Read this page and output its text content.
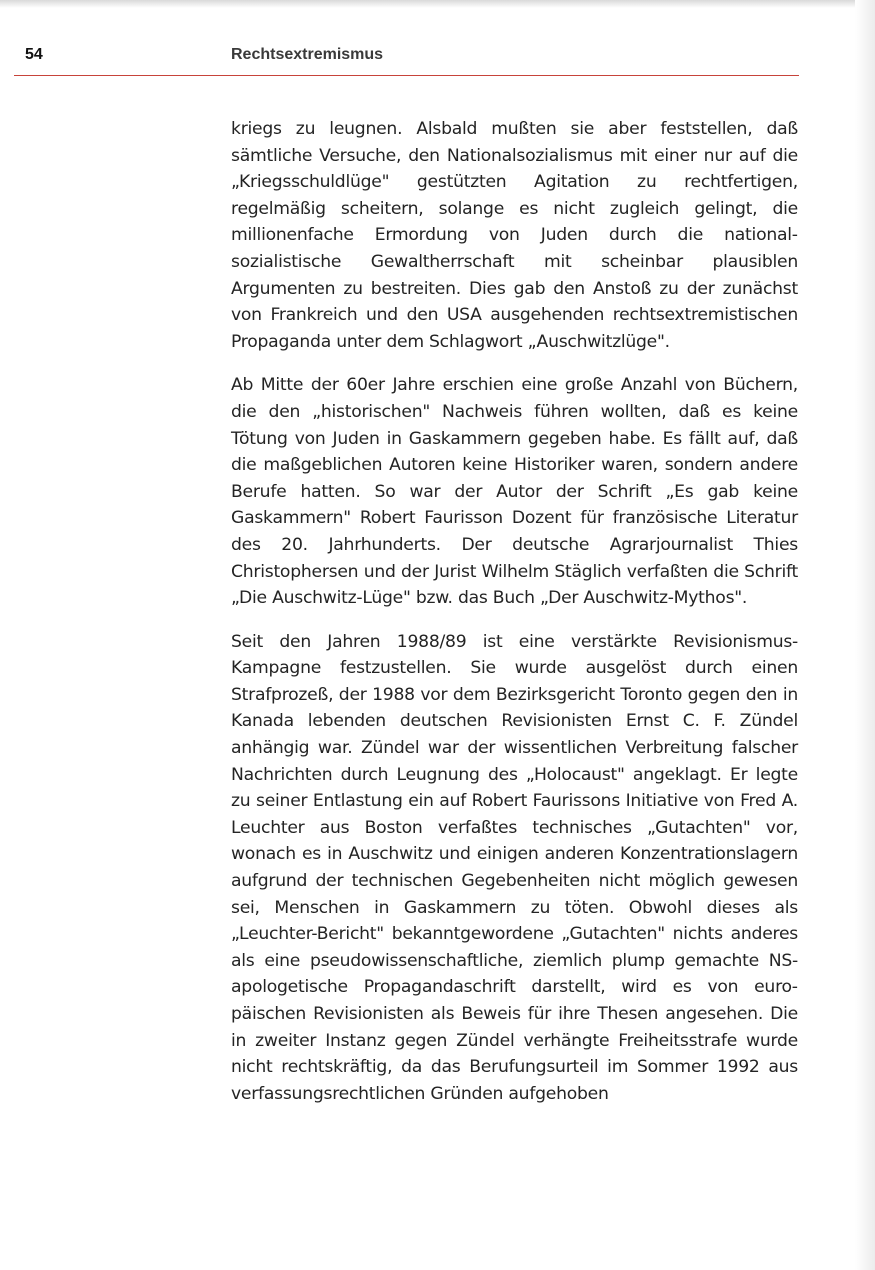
54	Rechtsextremismus

kriegs zu leugnen. Alsbald mußten sie aber feststellen, daß sämtliche Versuche, den Nationalsozialismus mit einer nur auf die „Kriegsschuldlüge" gestützten Agitation zu rechtfertigen, regelmäßig scheitern, solange es nicht zugleich gelingt, die millionenfache Ermordung von Juden durch die nationalsozialistische Gewaltherrschaft mit scheinbar plausiblen Argumenten zu bestreiten. Dies gab den Anstoß zu der zunächst von Frankreich und den USA ausgehenden rechtsextremistischen Propaganda unter dem Schlagwort „Auschwitzlüge".

Ab Mitte der 60er Jahre erschien eine große Anzahl von Büchern, die den „historischen" Nachweis führen wollten, daß es keine Tötung von Juden in Gaskammern gegeben habe. Es fällt auf, daß die maßgeblichen Autoren keine Historiker waren, sondern andere Berufe hatten. So war der Autor der Schrift „Es gab keine Gaskammern" Robert Faurisson Dozent für französische Literatur des 20. Jahrhunderts. Der deutsche Agrarjournalist Thies Christophersen und der Jurist Wilhelm Stäglich verfaßten die Schrift „Die Auschwitz-Lüge" bzw. das Buch „Der Auschwitz-Mythos".

Seit den Jahren 1988/89 ist eine verstärkte Revisionismus-Kampagne festzustellen. Sie wurde ausgelöst durch einen Strafprozeß, der 1988 vor dem Bezirksgericht Toronto gegen den in Kanada lebenden deutschen Revisionisten Ernst C. F. Zündel anhängig war. Zündel war der wissentlichen Verbreitung falscher Nachrichten durch Leugnung des „Holocaust" angeklagt. Er legte zu seiner Entlastung ein auf Robert Faurissons Initiative von Fred A. Leuchter aus Boston verfaßtes technisches „Gutachten" vor, wonach es in Auschwitz und einigen anderen Konzentrationslagern aufgrund der technischen Gegebenheiten nicht möglich gewesen sei, Menschen in Gaskammern zu töten. Obwohl dieses als „Leuchter-Bericht" bekanntgewordene „Gutachten" nichts anderes als eine pseudowissenschaftliche, ziemlich plump gemachte NS-apologetische Propagandaschrift darstellt, wird es von europäischen Revisionisten als Beweis für ihre Thesen angesehen. Die in zweiter Instanz gegen Zündel verhängte Freiheitsstrafe wurde nicht rechtskräftig, da das Berufungsurteil im Sommer 1992 aus verfassungsrechtlichen Gründen aufgehoben
